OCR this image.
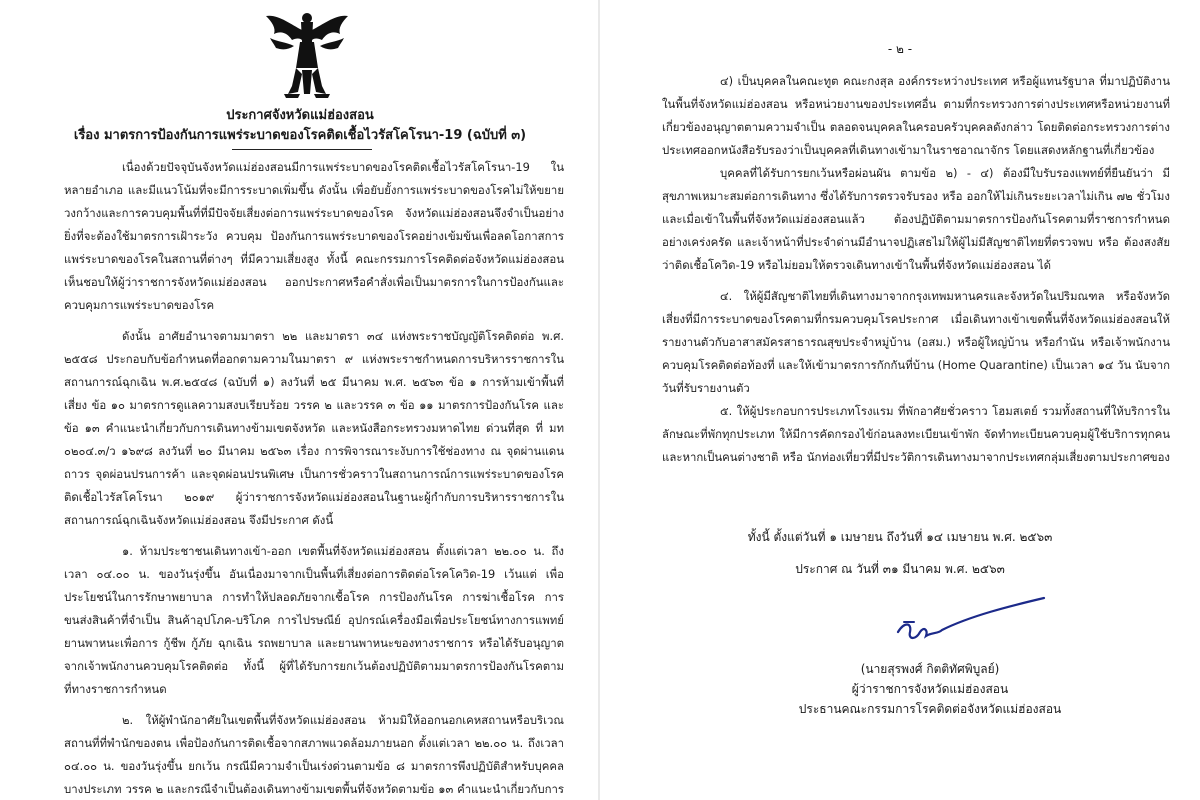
ประกาศจังหวัดแม่ฮ่องสอน
เรื่อง มาตรการป้องกันการแพร่ระบาดของโรคติดเชื้อไวรัสโคโรนา-19 (ฉบับที่ ๓)

เนื่องด้วยปัจจุบันจังหวัดแม่ฮ่องสอนมีการแพร่ระบาดของโรคติดเชื้อไวรัสโคโรนา-19 ในหลายอำเภอ และมีแนวโน้มที่จะมีการระบาดเพิ่มขึ้น ดังนั้น เพื่อยับยั้งการแพร่ระบาดของโรคไม่ให้ขยายวงกว้างและการควบคุมพื้นที่ที่มีปัจจัยเสี่ยงต่อการแพร่ระบาดของโรค จังหวัดแม่ฮ่องสอนจึงจำเป็นอย่างยิ่งที่จะต้องใช้มาตรการเฝ้าระวัง ควบคุม ป้องกันการแพร่ระบาดของโรคอย่างเข้มข้นเพื่อลดโอกาสการแพร่ระบาดของโรคในสถานที่ต่างๆ ที่มีความเสี่ยงสูง ทั้งนี้ คณะกรรมการโรคติดต่อจังหวัดแม่ฮ่องสอน เห็นชอบให้ผู้ว่าราชการจังหวัดแม่ฮ่องสอน ออกประกาศหรือคำสั่งเพื่อเป็นมาตรการในการป้องกันและควบคุมการแพร่ระบาดของโรค

ดังนั้น อาศัยอำนาจตามมาตรา ๒๒ และมาตรา ๓๔ แห่งพระราชบัญญัติโรคติดต่อ พ.ศ. ๒๕๕๘ ประกอบกับข้อกำหนดที่ออกตามความในมาตรา ๙ แห่งพระราชกำหนดการบริหารราชการในสถานการณ์ฉุกเฉิน พ.ศ.๒๕๔๘ (ฉบับที่ ๑) ลงวันที่ ๒๕ มีนาคม พ.ศ. ๒๕๖๓ ข้อ ๑ การห้ามเข้าพื้นที่เสี่ยง ข้อ ๑๐ มาตรการดูแลความสงบเรียบร้อย วรรค ๒ และวรรค ๓ ข้อ ๑๑ มาตรการป้องกันโรค และข้อ ๑๓ คำแนะนำเกี่ยวกับการเดินทางข้ามเขตจังหวัด และหนังสือกระทรวงมหาดไทย ด่วนที่สุด ที่ มท ๐๒๐๔.๓/ว ๑๖๙๘ ลงวันที่ ๒๐ มีนาคม ๒๕๖๓ เรื่อง การพิจารณาระงับการใช้ช่องทาง ณ จุดผ่านแดนถาวร จุดผ่อนปรนการค้า และจุดผ่อนปรนพิเศษ เป็นการชั่วคราวในสถานการณ์การแพร่ระบาดของโรคติดเชื้อไวรัสโคโรนา ๒๐๑๙ ผู้ว่าราชการจังหวัดแม่ฮ่องสอนในฐานะผู้กำกับการบริหารราชการในสถานการณ์ฉุกเฉินจังหวัดแม่ฮ่องสอน จึงมีประกาศ ดังนี้

๑. ห้ามประชาชนเดินทางเข้า-ออก เขตพื้นที่จังหวัดแม่ฮ่องสอน ตั้งแต่เวลา ๒๒.๐๐ น. ถึง เวลา ๐๔.๐๐ น. ของวันรุ่งขึ้น อันเนื่องมาจากเป็นพื้นที่เสี่ยงต่อการติดต่อโรคโควิด-19 เว้นแต่ เพื่อประโยชน์ในการรักษาพยาบาล การทำให้ปลอดภัยจากเชื้อโรค การป้องกันโรค การฆ่าเชื้อโรค การขนส่งสินค้าที่จำเป็น สินค้าอุปโภค-บริโภค การไปรษณีย์ อุปกรณ์เครื่องมือเพื่อประโยชน์ทางการแพทย์ ยานพาหนะเพื่อการ กู้ชีพ กู้ภัย ฉุกเฉิน รถพยาบาล และยานพาหนะของทางราชการ หรือได้รับอนุญาตจากเจ้าพนักงานควบคุมโรคติดต่อ ทั้งนี้ ผู้ที่ได้รับการยกเว้นต้องปฏิบัติตามมาตรการป้องกันโรคตามที่ทางราชการกำหนด

๒. ให้ผู้พำนักอาศัยในเขตพื้นที่จังหวัดแม่ฮ่องสอน ห้ามมิให้ออกนอกเคหสถานหรือบริเวณสถานที่ที่พำนักของตน เพื่อป้องกันการติดเชื้อจากสภาพแวดล้อมภายนอก ตั้งแต่เวลา ๒๒.๐๐ น. ถึงเวลา ๐๔.๐๐ น. ของวันรุ่งขึ้น ยกเว้น กรณีมีความจำเป็นเร่งด่วนตามข้อ ๘ มาตรการพึงปฏิบัติสำหรับบุคคลบางประเภท วรรค ๒ และกรณีจำเป็นต้องเดินทางข้ามเขตพื้นที่จังหวัดตามข้อ ๑๓ คำแนะนำเกี่ยวกับการ

- ๒ -

๔) เป็นบุคคลในคณะทูต คณะกงสุล องค์กรระหว่างประเทศ หรือผู้แทนรัฐบาล ที่มาปฏิบัติงานในพื้นที่จังหวัดแม่ฮ่องสอน หรือหน่วยงานของประเทศอื่น ตามที่กระทรวงการต่างประเทศหรือหน่วยงานที่เกี่ยวข้องอนุญาตตามความจำเป็น ตลอดจนบุคคลในครอบครัวบุคคลดังกล่าว โดยติดต่อกระทรวงการต่างประเทศออกหนังสือรับรองว่าเป็นบุคคลที่เดินทางเข้ามาในราชอาณาจักร โดยแสดงหลักฐานที่เกี่ยวข้อง

บุคคลที่ได้รับการยกเว้นหรือผ่อนผัน ตามข้อ ๒) - ๔) ต้องมีใบรับรองแพทย์ที่ยืนยันว่า มีสุขภาพเหมาะสมต่อการเดินทาง ซึ่งได้รับการตรวจรับรอง หรือ ออกให้ไม่เกินระยะเวลาไม่เกิน ๗๒ ชั่วโมง และเมื่อเข้าในพื้นที่จังหวัดแม่ฮ่องสอนแล้ว ต้องปฏิบัติตามมาตรการป้องกันโรคตามที่ราชการกำหนดอย่างเคร่งครัด และเจ้าหน้าที่ประจำด่านมีอำนาจปฏิเสธไม่ให้ผู้ไม่มีสัญชาติไทยที่ตรวจพบ หรือ ต้องสงสัยว่าติดเชื้อโควิด-19 หรือไม่ยอมให้ตรวจเดินทางเข้าในพื้นที่จังหวัดแม่ฮ่องสอน ได้

๔. ให้ผู้มีสัญชาติไทยที่เดินทางมาจากกรุงเทพมหานครและจังหวัดในปริมณฑล หรือจังหวัดเสี่ยงที่มีการระบาดของโรคตามที่กรมควบคุมโรคประกาศ เมื่อเดินทางเข้าเขตพื้นที่จังหวัดแม่ฮ่องสอนให้รายงานตัวกับอาสาสมัครสาธารณสุขประจำหมู่บ้าน (อสม.) หรือผู้ใหญ่บ้าน หรือกำนัน หรือเจ้าพนักงานควบคุมโรคติดต่อท้องที่ และให้เข้ามาตรการกักกันที่บ้าน (Home Quarantine) เป็นเวลา ๑๔ วัน นับจากวันที่รับรายงานตัว

๕. ให้ผู้ประกอบการประเภทโรงแรม ที่พักอาศัยชั่วคราว โฮมสเตย์ รวมทั้งสถานที่ให้บริการในลักษณะที่พักทุกประเภท ให้มีการคัดกรองไข้ก่อนลงทะเบียนเข้าพัก จัดทำทะเบียนควบคุมผู้ใช้บริการทุกคน และหากเป็นคนต่างชาติ หรือ นักท่องเที่ยวที่มีประวัติการเดินทางมาจากประเทศกลุ่มเสี่ยงตามประกาศของ

ทั้งนี้ ตั้งแต่วันที่ ๑ เมษายน ถึงวันที่ ๑๔ เมษายน พ.ศ. ๒๕๖๓
ประกาศ ณ วันที่ ๓๑ มีนาคม พ.ศ. ๒๕๖๓
(นายสุรพงศ์ กิตติทัศพิบูลย์)
ผู้ว่าราชการจังหวัดแม่ฮ่องสอน
ประธานคณะกรรมการโรคติดต่อจังหวัดแม่ฮ่องสอน
